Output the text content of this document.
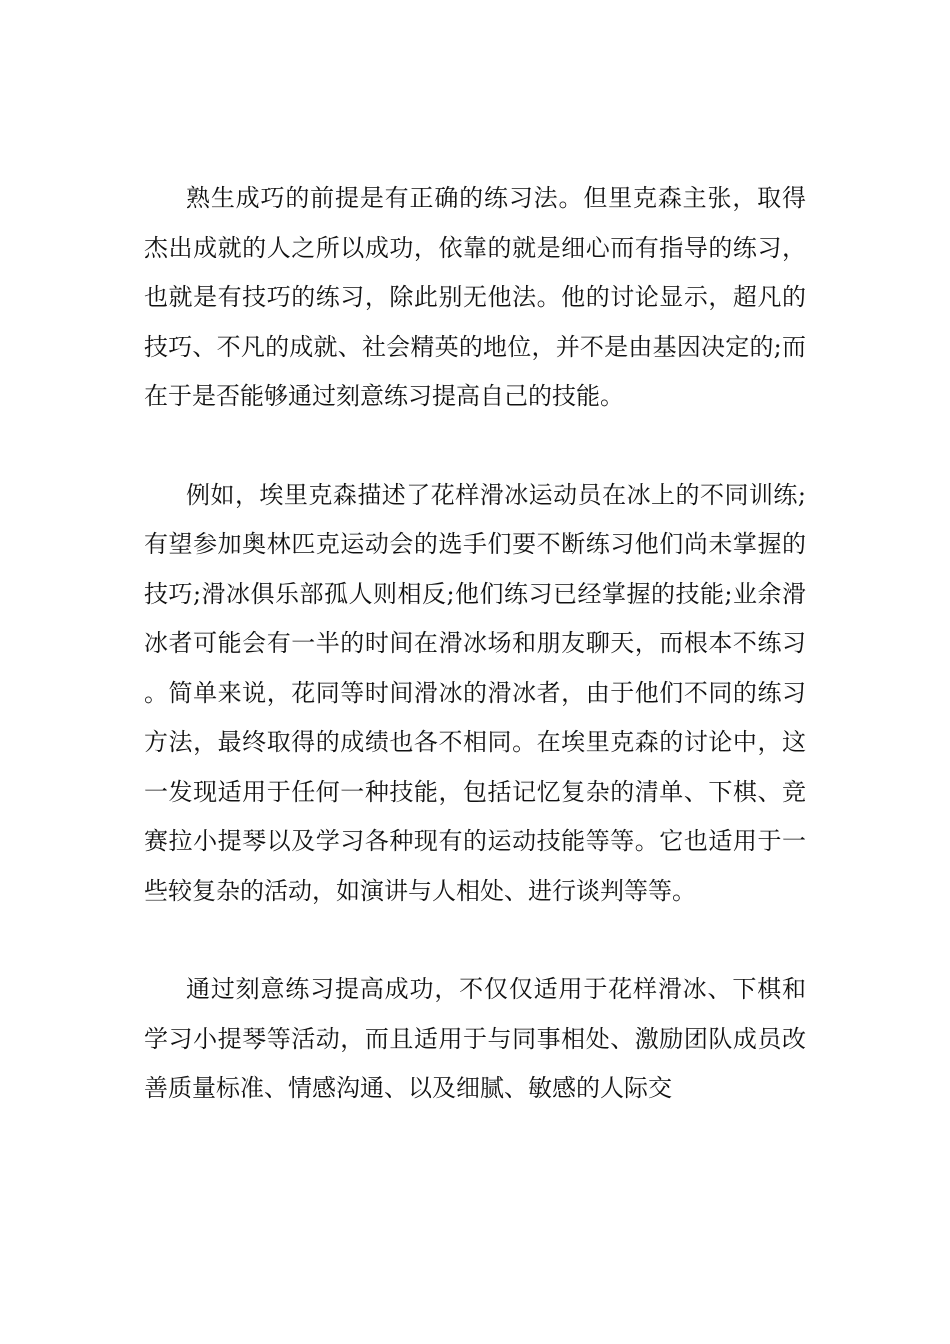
熟生成巧的前提是有正确的练习法。但里克森主张，取得杰出成就的人之所以成功，依靠的就是细心而有指导的练习，也就是有技巧的练习，除此别无他法。他的讨论显示，超凡的技巧、不凡的成就、社会精英的地位，并不是由基因决定的;而在于是否能够通过刻意练习提高自己的技能。

例如，埃里克森描述了花样滑冰运动员在冰上的不同训练;有望参加奥林匹克运动会的选手们要不断练习他们尚未掌握的技巧;滑冰俱乐部孤人则相反;他们练习已经掌握的技能;业余滑冰者可能会有一半的时间在滑冰场和朋友聊天，而根本不练习。简单来说，花同等时间滑冰的滑冰者，由于他们不同的练习方法，最终取得的成绩也各不相同。在埃里克森的讨论中，这一发现适用于任何一种技能，包括记忆复杂的清单、下棋、竞赛拉小提琴以及学习各种现有的运动技能等等。它也适用于一些较复杂的活动，如演讲与人相处、进行谈判等等。

通过刻意练习提高成功，不仅仅适用于花样滑冰、下棋和学习小提琴等活动，而且适用于与同事相处、激励团队成员改善质量标准、情感沟通、以及细腻、敏感的人际交
